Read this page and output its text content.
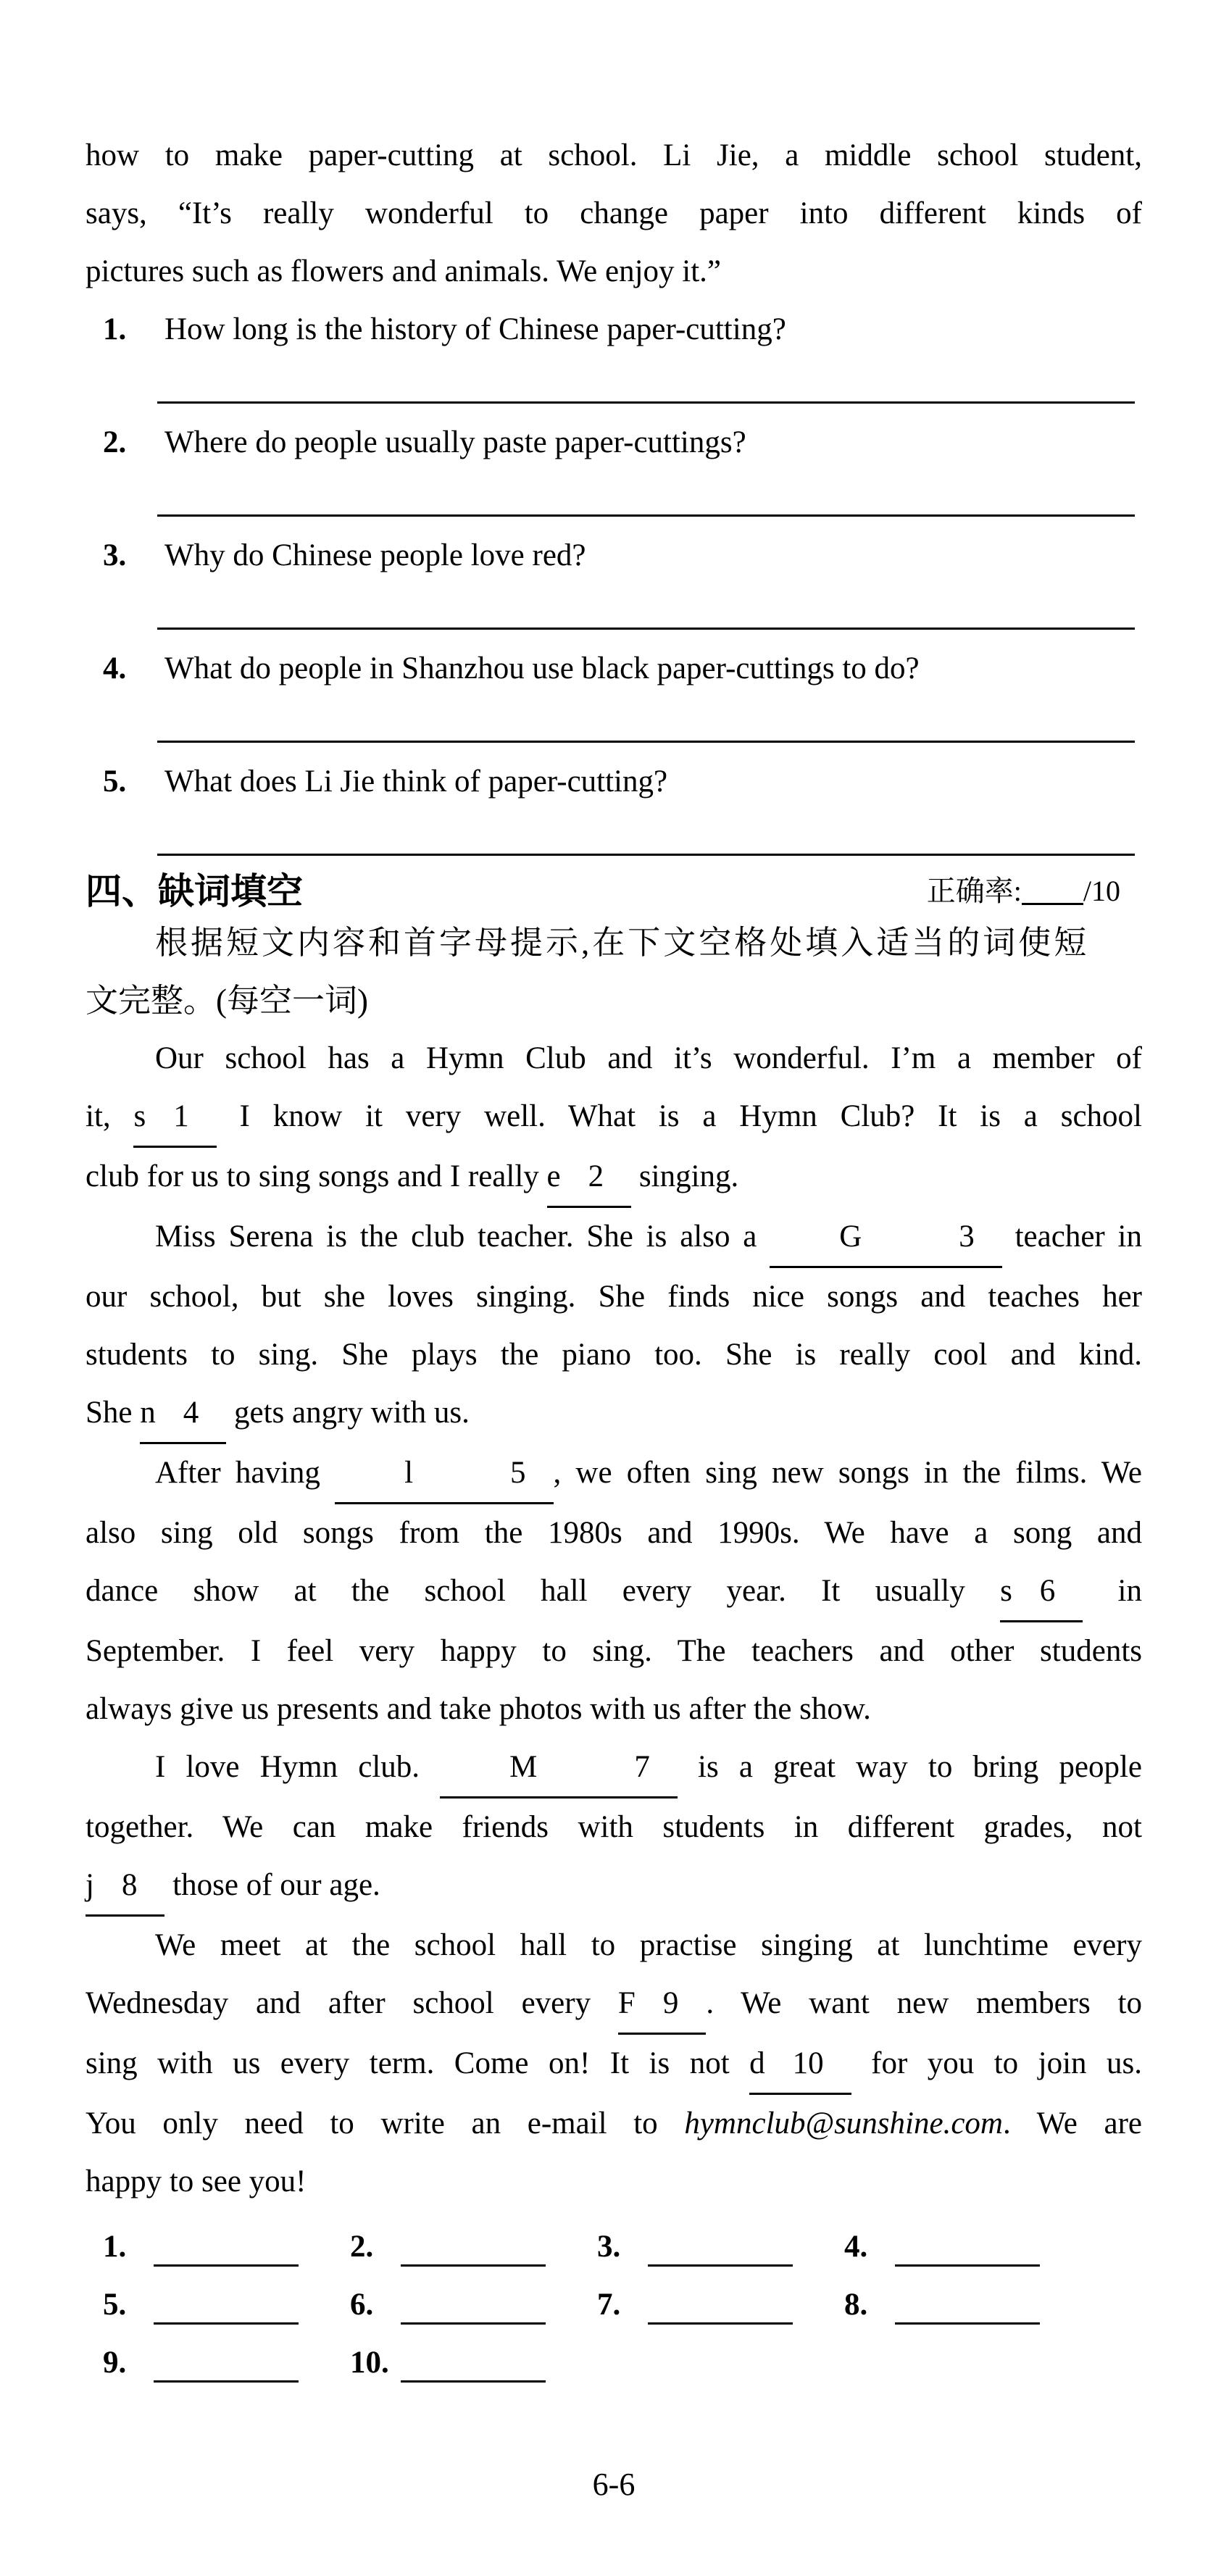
how to make paper-cutting at school. Li Jie, a middle school student,
says, “It’s really wonderful to change paper into different kinds of
pictures such as flowers and animals. We enjoy it.”
1. How long is the history of Chinese paper-cutting?
2. Where do people usually paste paper-cuttings?
3. Why do Chinese people love red?
4. What do people in Shanzhou use black paper-cuttings to do?
5. What does Li Jie think of paper-cutting?
四、缺词填空	正确率: /10
根据短文内容和首字母提示,在下文空格处填入适当的词使短
文完整。(每空一词)
Our school has a Hymn Club and it’s wonderful. I’m a member of
it, s 1 I know it very well. What is a Hymn Club? It is a school
club for us to sing songs and I really e 2 singing.
Miss Serena is the club teacher. She is also a G	3 teacher in
our school, but she loves singing. She finds nice songs and teaches her
students to sing. She plays the piano too. She is really cool and kind.
She n 4 gets angry with us.
After having l	5 , we often sing new songs in the films. We
also sing old songs from the 1980s and 1990s. We have a song and
dance show at the school hall every year. It usually s 6 in
September. I feel very happy to sing. The teachers and other students
always give us presents and take photos with us after the show.
I love Hymn club. M	7 is a great way to bring people
together. We can make friends with students in different grades, not
j 8 those of our age.
We meet at the school hall to practise singing at lunchtime every
Wednesday and after school every F 9 . We want new members to
sing with us every term. Come on! It is not d 10 for you to join us.
You only need to write an e-mail to hymnclub@sunshine.com. We are
happy to see you!
1.	2.	3.	4.
5.	6.	7.	8.
9.	10.
6-6
